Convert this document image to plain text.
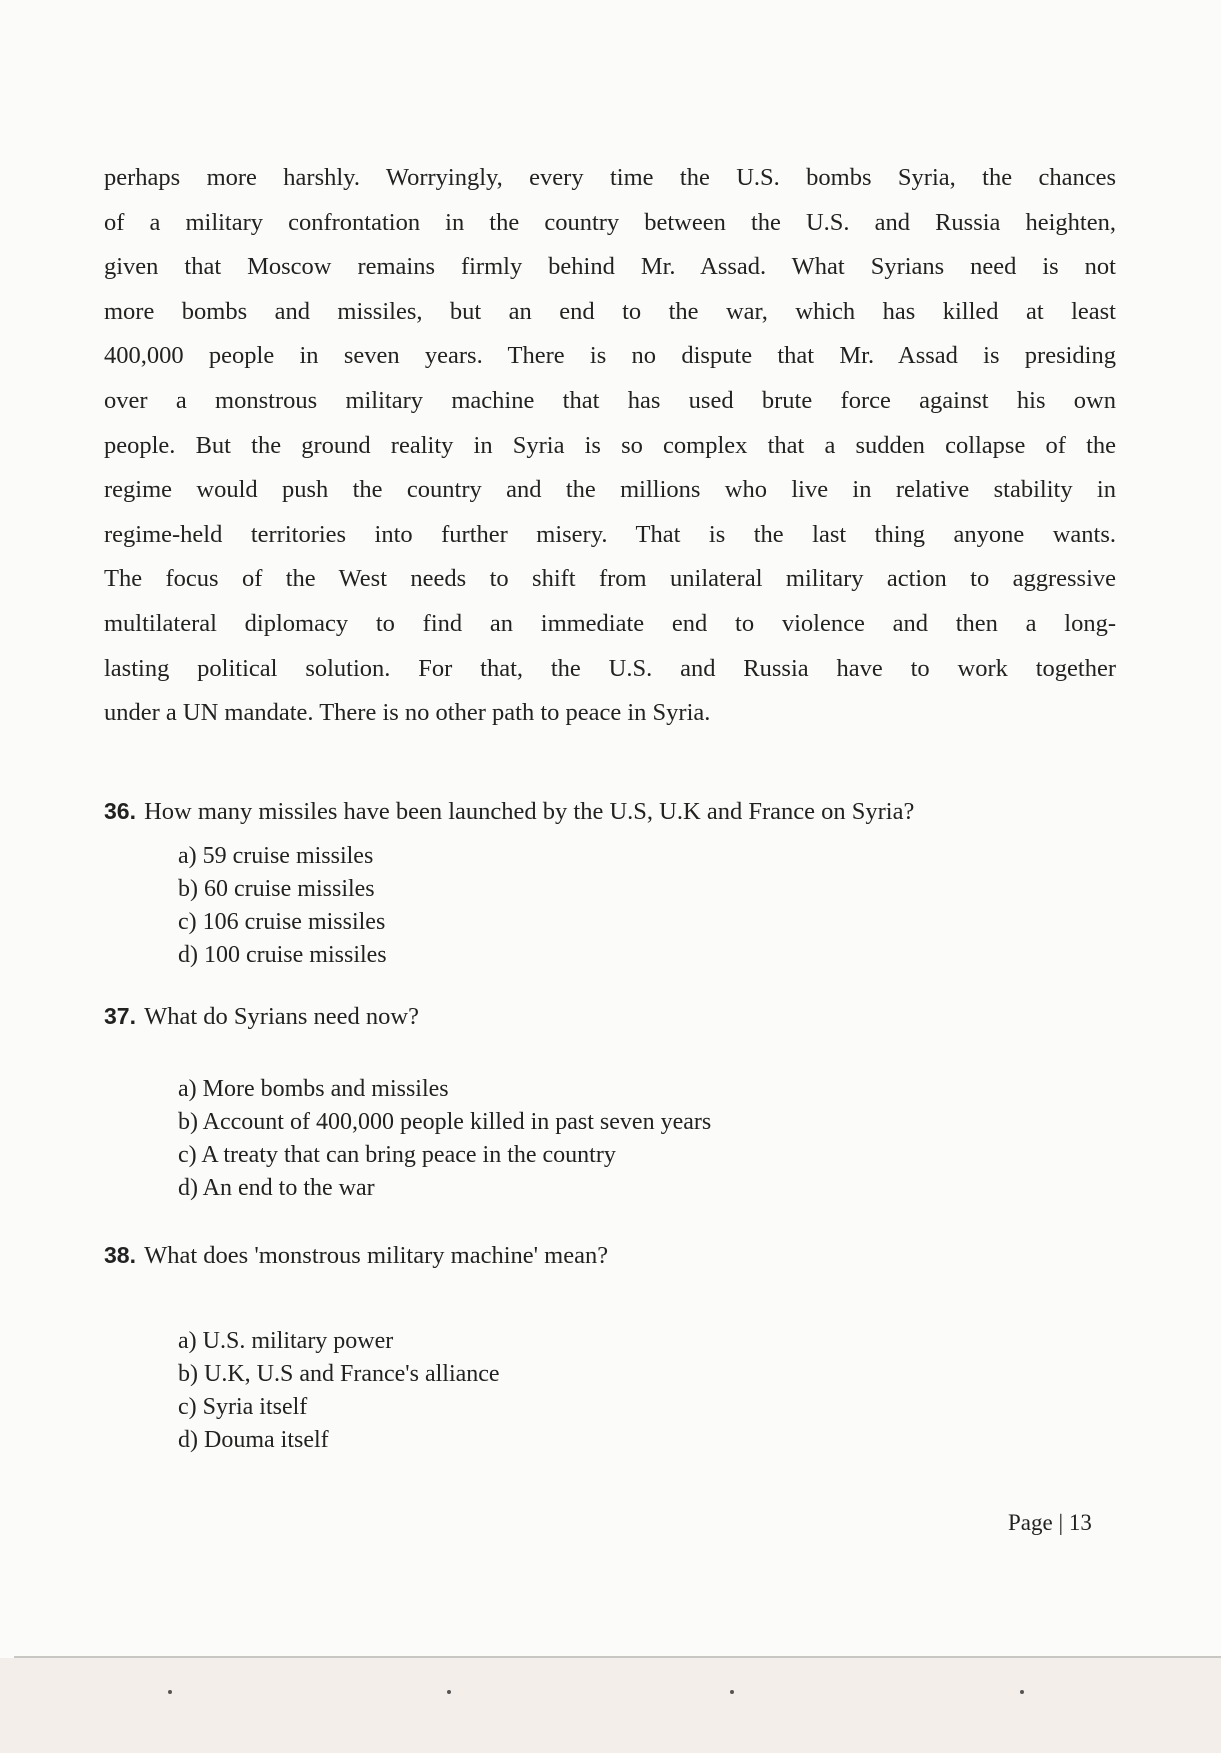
perhaps more harshly. Worryingly, every time the U.S. bombs Syria, the chances
of a military confrontation in the country between the U.S. and Russia heighten,
given that Moscow remains firmly behind Mr. Assad. What Syrians need is not
more bombs and missiles, but an end to the war, which has killed at least
400,000 people in seven years. There is no dispute that Mr. Assad is presiding
over a monstrous military machine that has used brute force against his own
people. But the ground reality in Syria is so complex that a sudden collapse of the
regime would push the country and the millions who live in relative stability in
regime-held territories into further misery. That is the last thing anyone wants.
The focus of the West needs to shift from unilateral military action to aggressive
multilateral diplomacy to find an immediate end to violence and then a long-
lasting political solution. For that, the U.S. and Russia have to work together
under a UN mandate. There is no other path to peace in Syria.
36. How many missiles have been launched by the U.S, U.K and France on Syria?
a) 59 cruise missiles
b) 60 cruise missiles
c) 106 cruise missiles
d) 100 cruise missiles
37. What do Syrians need now?
a) More bombs and missiles
b) Account of 400,000 people killed in past seven years
c) A treaty that can bring peace in the country
d) An end to the war
38. What does 'monstrous military machine' mean?
a) U.S. military power
b) U.K, U.S and France's alliance
c) Syria itself
d) Douma itself
Page | 13
